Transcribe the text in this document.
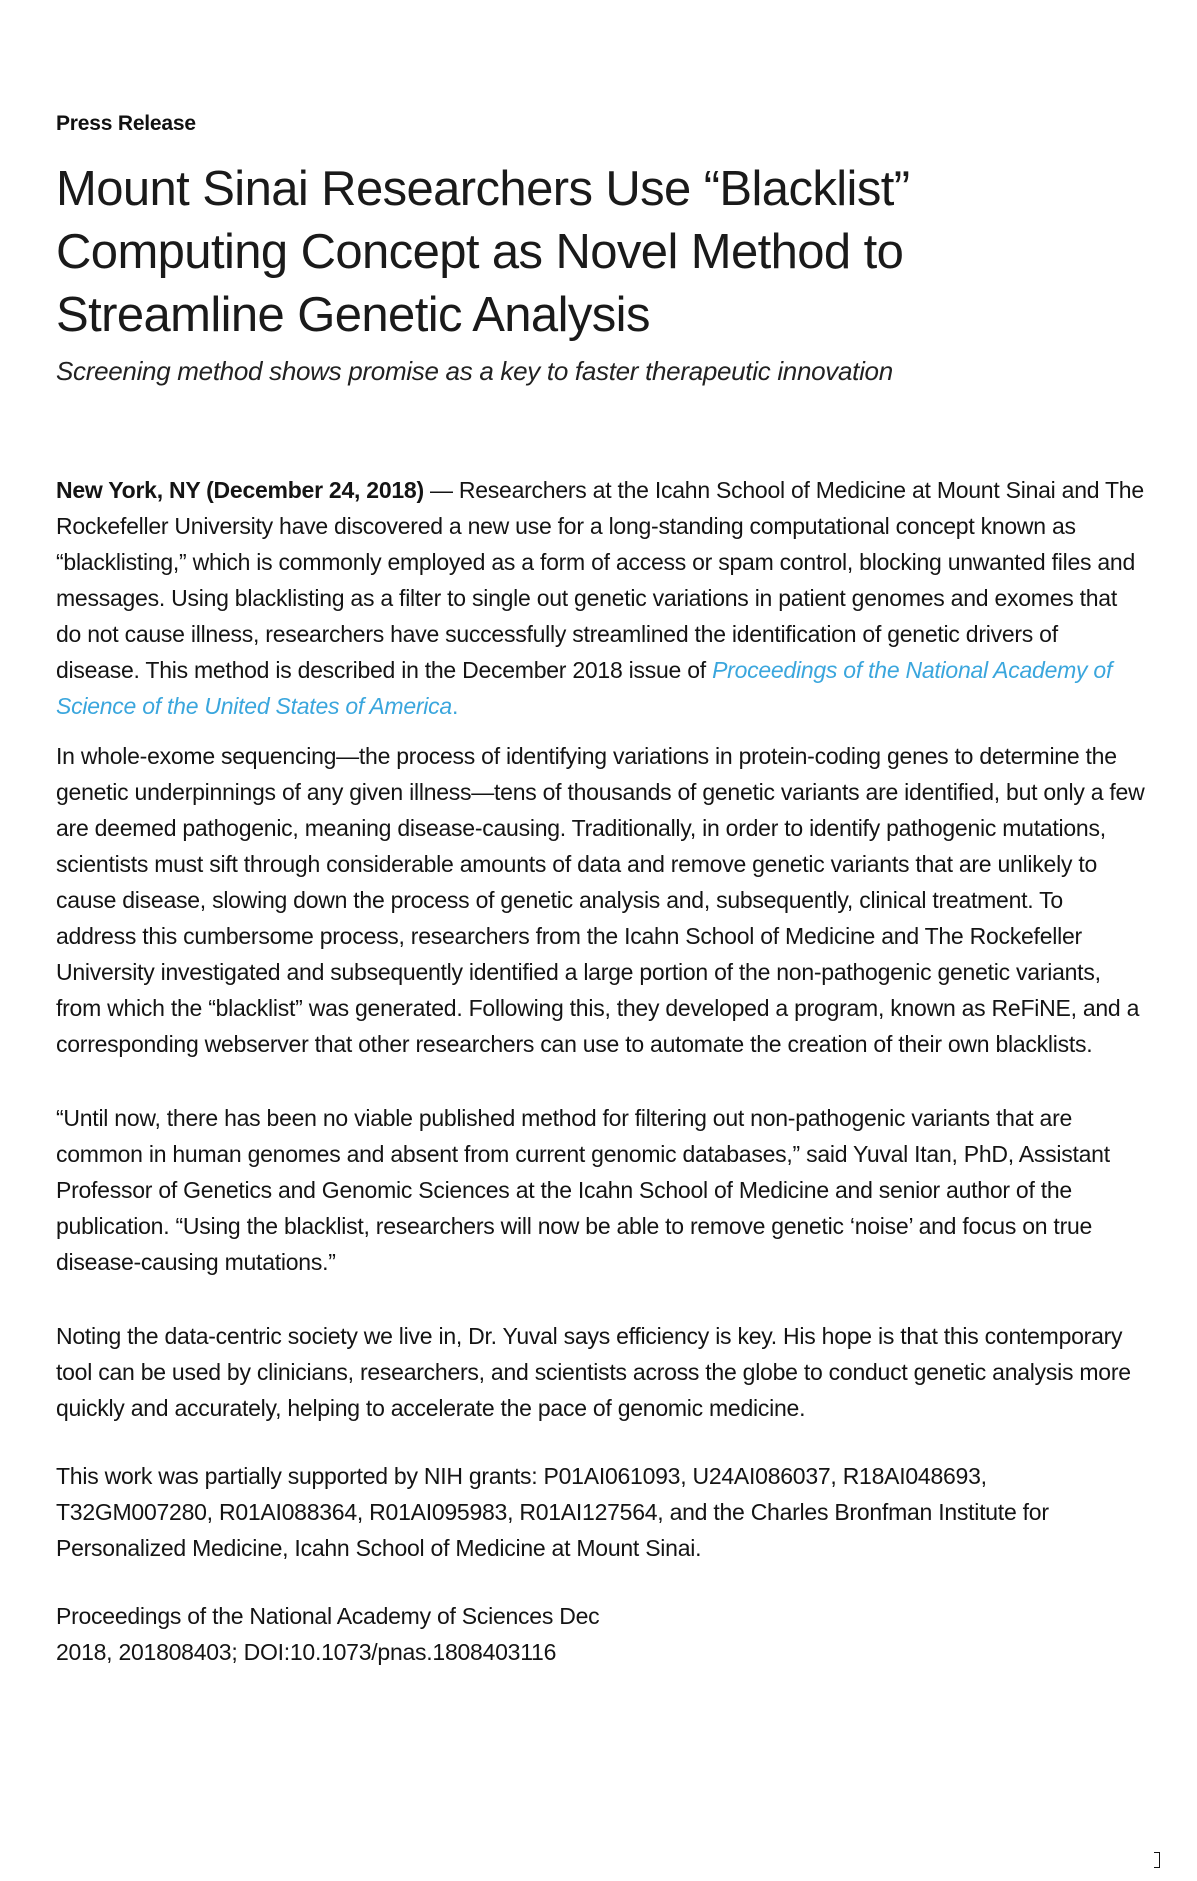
Press Release

Mount Sinai Researchers Use “Blacklist” Computing Concept as Novel Method to Streamline Genetic Analysis

Screening method shows promise as a key to faster therapeutic innovation

New York, NY (December 24, 2018) — Researchers at the Icahn School of Medicine at Mount Sinai and The Rockefeller University have discovered a new use for a long-standing computational concept known as “blacklisting,” which is commonly employed as a form of access or spam control, blocking unwanted files and messages. Using blacklisting as a filter to single out genetic variations in patient genomes and exomes that do not cause illness, researchers have successfully streamlined the identification of genetic drivers of disease. This method is described in the December 2018 issue of Proceedings of the National Academy of Science of the United States of America.

In whole-exome sequencing—the process of identifying variations in protein-coding genes to determine the genetic underpinnings of any given illness—tens of thousands of genetic variants are identified, but only a few are deemed pathogenic, meaning disease-causing. Traditionally, in order to identify pathogenic mutations, scientists must sift through considerable amounts of data and remove genetic variants that are unlikely to cause disease, slowing down the process of genetic analysis and, subsequently, clinical treatment. To address this cumbersome process, researchers from the Icahn School of Medicine and The Rockefeller University investigated and subsequently identified a large portion of the non-pathogenic genetic variants, from which the “blacklist” was generated. Following this, they developed a program, known as ReFiNE, and a corresponding webserver that other researchers can use to automate the creation of their own blacklists.

“Until now, there has been no viable published method for filtering out non-pathogenic variants that are common in human genomes and absent from current genomic databases,” said Yuval Itan, PhD, Assistant Professor of Genetics and Genomic Sciences at the Icahn School of Medicine and senior author of the publication. “Using the blacklist, researchers will now be able to remove genetic ‘noise’ and focus on true disease-causing mutations.”

Noting the data-centric society we live in, Dr. Yuval says efficiency is key. His hope is that this contemporary tool can be used by clinicians, researchers, and scientists across the globe to conduct genetic analysis more quickly and accurately, helping to accelerate the pace of genomic medicine.

This work was partially supported by NIH grants: P01AI061093, U24AI086037, R18AI048693, T32GM007280, R01AI088364, R01AI095983, R01AI127564, and the Charles Bronfman Institute for Personalized Medicine, Icahn School of Medicine at Mount Sinai.

Proceedings of the National Academy of Sciences Dec
2018, 201808403; DOI:10.1073/pnas.1808403116
